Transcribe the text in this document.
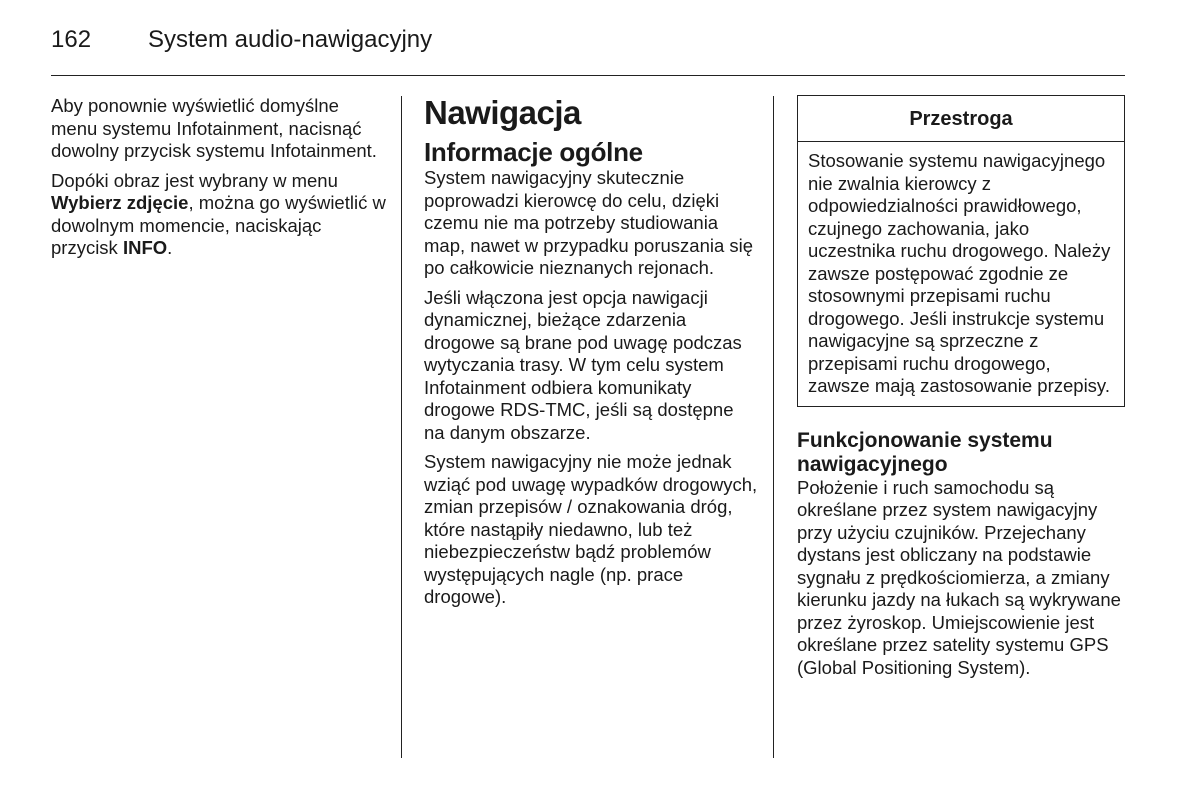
162 System audio-nawigacyjny

Aby ponownie wyświetlić domyślne menu systemu Infotainment, nacisnąć dowolny przycisk systemu Infotainment.

Dopóki obraz jest wybrany w menu Wybierz zdjęcie, można go wyświetlić w dowolnym momencie, naciskając przycisk INFO.

Nawigacja
Informacje ogólne

System nawigacyjny skutecznie poprowadzi kierowcę do celu, dzięki czemu nie ma potrzeby studiowania map, nawet w przypadku poruszania się po całkowicie nieznanych rejonach.

Jeśli włączona jest opcja nawigacji dynamicznej, bieżące zdarzenia drogowe są brane pod uwagę podczas wytyczania trasy. W tym celu system Infotainment odbiera komunikaty drogowe RDS-TMC, jeśli są dostępne na danym obszarze.

System nawigacyjny nie może jednak wziąć pod uwagę wypadków drogowych, zmian przepisów / oznakowania dróg, które nastąpiły niedawno, lub też niebezpieczeństw bądź problemów występujących nagle (np. prace drogowe).

Przestroga

Stosowanie systemu nawigacyjnego nie zwalnia kierowcy z odpowiedzialności prawidłowego, czujnego zachowania, jako uczestnika ruchu drogowego. Należy zawsze postępować zgodnie ze stosownymi przepisami ruchu drogowego. Jeśli instrukcje systemu nawigacyjne są sprzeczne z przepisami ruchu drogowego, zawsze mają zastosowanie przepisy.

Funkcjonowanie systemu nawigacyjnego

Położenie i ruch samochodu są określane przez system nawigacyjny przy użyciu czujników. Przejechany dystans jest obliczany na podstawie sygnału z prędkościomierza, a zmiany kierunku jazdy na łukach są wykrywane przez żyroskop. Umiejscowienie jest określane przez satelity systemu GPS (Global Positioning System).
